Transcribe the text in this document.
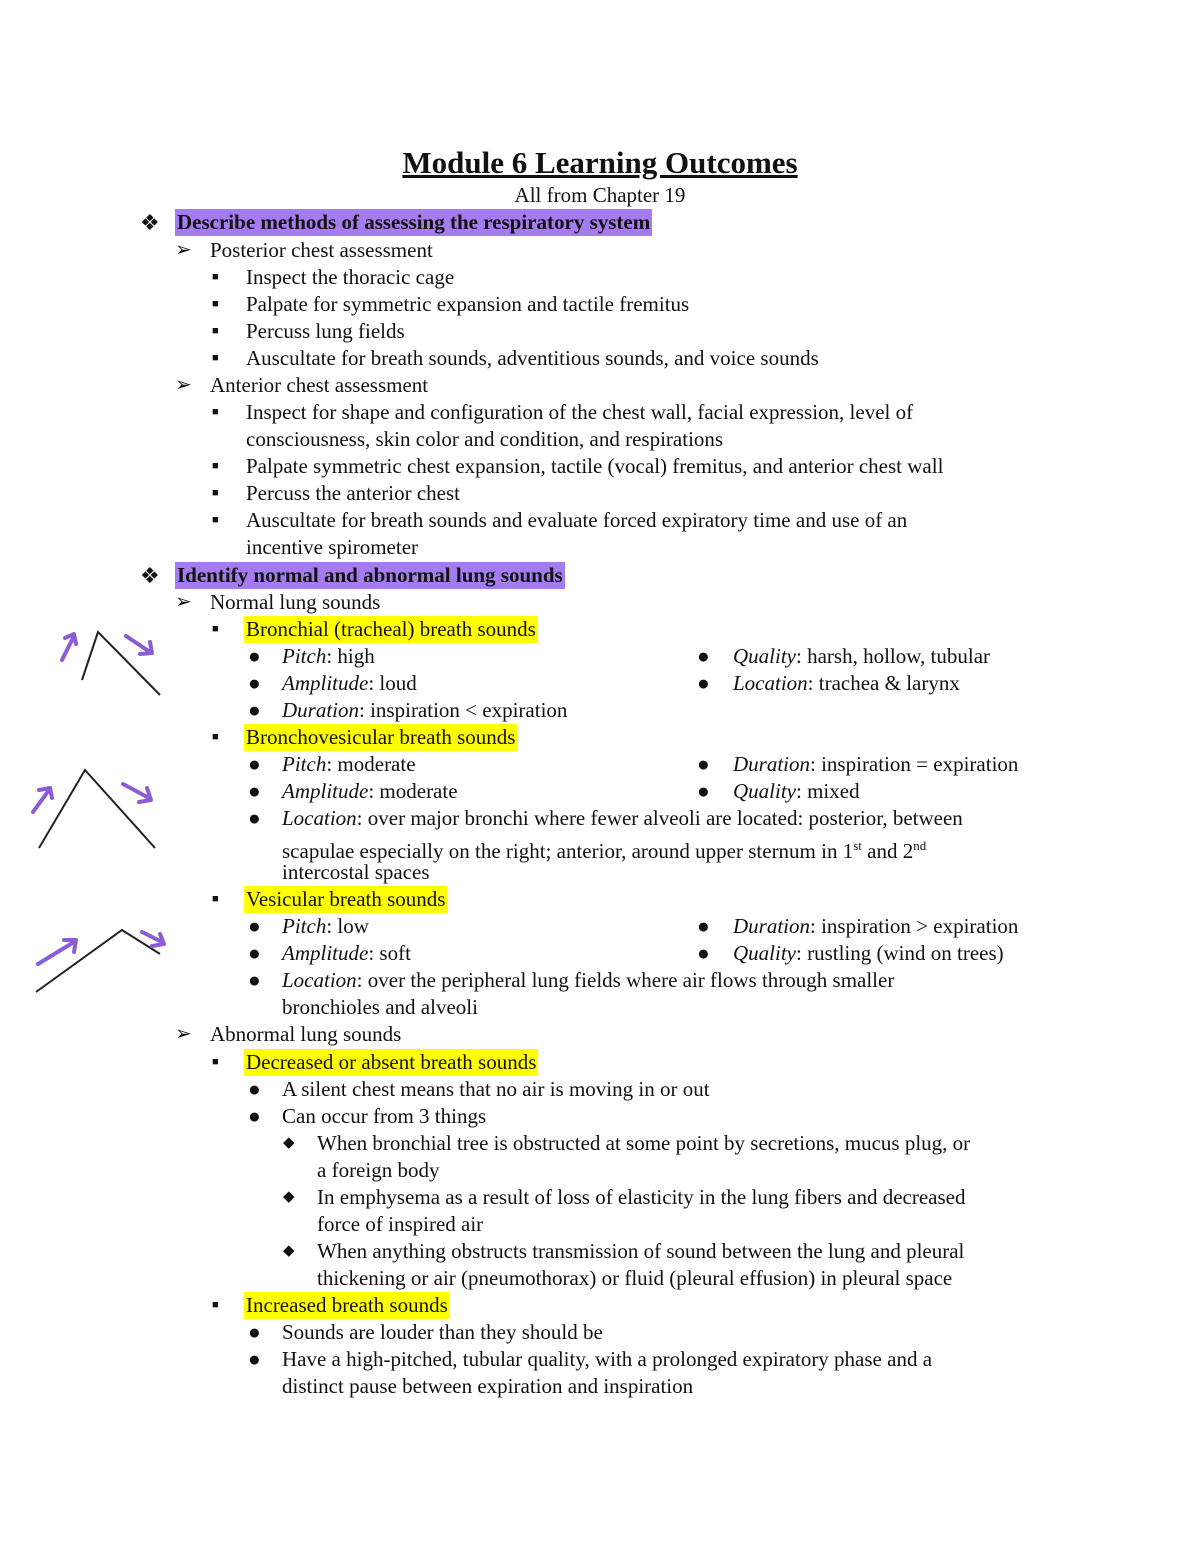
Module 6 Learning Outcomes
All from Chapter 19
❖ Describe methods of assessing the respiratory system
➢ Posterior chest assessment
■ Inspect the thoracic cage
■ Palpate for symmetric expansion and tactile fremitus
■ Percuss lung fields
■ Auscultate for breath sounds, adventitious sounds, and voice sounds
➢ Anterior chest assessment
■ Inspect for shape and configuration of the chest wall, facial expression, level of
consciousness, skin color and condition, and respirations
■ Palpate symmetric chest expansion, tactile (vocal) fremitus, and anterior chest wall
■ Percuss the anterior chest
■ Auscultate for breath sounds and evaluate forced expiratory time and use of an
incentive spirometer
❖ Identify normal and abnormal lung sounds
➢ Normal lung sounds
■ Bronchial (tracheal) breath sounds
● Pitch: high	● Quality: harsh, hollow, tubular
● Amplitude: loud	● Location: trachea & larynx
● Duration: inspiration < expiration
■ Bronchovesicular breath sounds
● Pitch: moderate	● Duration: inspiration = expiration
● Amplitude: moderate	● Quality: mixed
● Location: over major bronchi where fewer alveoli are located: posterior, between
scapulae especially on the right; anterior, around upper sternum in 1st and 2nd
intercostal spaces
■ Vesicular breath sounds
● Pitch: low	● Duration: inspiration > expiration
● Amplitude: soft	● Quality: rustling (wind on trees)
● Location: over the peripheral lung fields where air flows through smaller
bronchioles and alveoli
➢ Abnormal lung sounds
■ Decreased or absent breath sounds
● A silent chest means that no air is moving in or out
● Can occur from 3 things
◆ When bronchial tree is obstructed at some point by secretions, mucus plug, or
a foreign body
◆ In emphysema as a result of loss of elasticity in the lung fibers and decreased
force of inspired air
◆ When anything obstructs transmission of sound between the lung and pleural
thickening or air (pneumothorax) or fluid (pleural effusion) in pleural space
■ Increased breath sounds
● Sounds are louder than they should be
● Have a high-pitched, tubular quality, with a prolonged expiratory phase and a
distinct pause between expiration and inspiration
